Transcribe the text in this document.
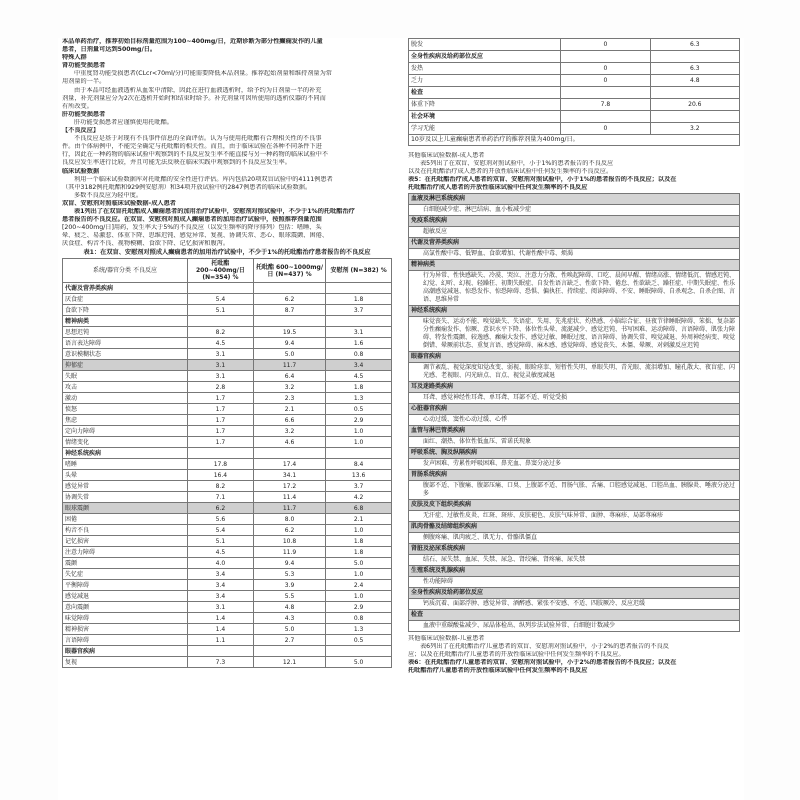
本品单药治疗，推荐初始目标剂量范围为100~400mg/日，近期诊断为部分性癫痫发作的儿童

患者，日剂量可达到500mg/日。

特殊人群

肾功能受损患者

中重度肾功能受损患者(CLcr<70ml/分)可能需要降低本品剂量。推荐起始剂量和维持剂量为常

用剂量的一半。

由于本品可经血液透析从血浆中清除，因此在进行血液透析时，给予约为日剂量一半的补充

剂量，补充剂量应分为2次在透析开始时和结束时给予。补充剂量可因所使用的透析仪器的不同而

有所改变。

肝功能受损患者

肝功能受损患者应谨慎使用托吡酯。

【不良反应】

不良反应是基于对现有不良事件信息的全面评估。认为与使用托吡酯有合理相关性的不良事

件。由个体病例中，不能完全确定与托吡酯的相关性。而且，由于临床试验在各种不同条件下进

行，因此在一种药物的临床试验中观察到的不良反应发生率不能直接与另一种药物的临床试验中不

良反应发生率进行比较，并且可能无法反映在临床实践中观察到的不良反应发生率。

临床试验数据

利用一个临床试验数据库对托吡酯的安全性进行评估。库内包括20项双盲试验中的4111例患者

（其中3182例托吡酯和929例安慰剂）和34项开放试验中的2847例患者的临床试验数据。

多数不良反应为轻中度。

双盲、安慰剂对照临床试验数据-成人患者

表1列出了在双盲托吡酯成人癫痫患者的加用治疗试验中，安慰剂对照试验中，不少于1%的托吡酯治疗

患者报告的不良反应。在双盲、安慰剂对照成人癫痫患者的加用治疗试验中，按照推荐剂量范围

[200~400mg/日]用药，发生率大于5%的不良反应（以发生频率的降序排列）包括：嗜睡、头

晕、疲乏、易激惹、体重下降、思维迟钝、感觉异常、复视、协调失常、恶心、眼球震颤、困倦、

厌食症、构音不良、视物模糊、食欲下降、记忆损害和腹泻。

表1：在双盲、安慰剂对照成人癫痫患者的加用治疗试验中，不少于1%的托吡酯治疗患者报告的不良反应
系统/器官分类 不良反应	托吡酯 200~400mg/日 (N=354) %	托吡酯 600~1000mg/日 (N=437) %	安慰剂 (N=382) %
代谢及营养类疾病			
厌食症	5.4	6.2	1.8
食欲下降	5.1	8.7	3.7
精神病类			
思想迟钝	8.2	19.5	3.1
语言表达障碍	4.5	9.4	1.6
意识模糊状态	3.1	5.0	0.8
抑郁症	3.1	11.7	3.4
失眠	3.1	6.4	4.5
攻击	2.8	3.2	1.8
激动	1.7	2.3	1.3
愤怒	1.7	2.1	0.5
焦虑	1.7	6.6	2.9
定向力障碍	1.7	3.2	1.0
情绪变化	1.7	4.6	1.0
神经系统疾病			
嗜睡	17.8	17.4	8.4
头晕	16.4	34.1	13.6
感觉异常	8.2	17.2	3.7
协调失常	7.1	11.4	4.2
眼球震颤	6.2	11.7	6.8
困倦	5.6	8.0	2.1
构音不良	5.4	6.2	1.0
记忆损害	5.1	10.8	1.8
注意力障碍	4.5	11.9	1.8
震颤	4.0	9.4	5.0
失忆症	3.4	5.3	1.0
平衡障碍	3.4	3.9	2.4
感觉减退	3.4	5.5	1.0
意向震颤	3.1	4.8	2.9
味觉障碍	1.4	4.3	0.8
精神损害	1.4	5.0	1.3
言语障碍	1.1	2.7	0.5
眼器官疾病			
复视	7.3	12.1	5.0
脱发	0	6.3
全身性疾病及给药部位反应		
发热	0	6.3
乏力	0	4.8
检查		
体重下降	7.8	20.6
社会环境		
学习无能	0	3.2

10岁及以上儿童癫痫患者单药治疗的推荐剂量为400mg/日。

其他临床试验数据-成人患者

表5列出了在双盲、安慰剂对照试验中，小于1%的患者报告的不良反应

以及在托吡酯治疗成人患者的开放性临床试验中任何发生频率的不良反应。

表5：在托吡酯治疗成人患者的双盲、安慰剂对照试验中，小于1%的患者报告的不良反应；以及在

托吡酯治疗成人患者的开放性临床试验中任何发生频率的不良反应

血液及淋巴系统疾病
白细胞减少症、淋巴结病、血小板减少症
免疫系统疾病
超敏反应
代谢及营养类疾病
高氯性酸中毒、低钾血、食欲增加、代谢性酸中毒、烦渴
精神病类
行为异常、性快感缺失、冷漠、哭泣、注意力分散、性唤起障碍、口吃、晨间早醒、情绪高涨、情绪低沉、情感迟钝、幻觉、幻听、幻视、轻躁狂、初期失眠症、自发性语言缺乏、性欲下降、倦怠、性欲缺乏、躁狂症、中期失眠症、性乐高潮感觉减退、惊恐发作、惊恐障碍、恐惧、偏执狂、持续症、阅读障碍、不安、睡眠障碍、自杀观念、自杀企图、言语、思维异常
神经系统疾病
味觉丧失、运动不能、嗅觉缺失、失语症、失用、先兆症状、灼热感、小脑综合征、昼夜节律睡眠障碍、笨拙、复杂部分性癫痫发作、惊厥、意识水平下降、体位性头晕、流涎减少、感觉迟钝、书写困难、运动障碍、言语障碍、肌张力障碍、特发性震颤、较逸感、癫痫大发作、感觉过敏、睡眠过度、语言障碍、协调失常、嗅觉减退、外周神经病变、嗅觉倒错、晕厥前状态、重复言语、感觉障碍、麻木感、感觉障碍、感觉丧失、木僵、晕厥、对刺激反应迟钝
眼器官疾病
调节紊乱、视觉深度知觉改变、弱视、眼睑痉挛、短暂性失明、单眼失明、青光眼、流泪增加、瞳孔散大、夜盲症、闪光感、老视眼、闪光暗点、盲点、视觉灵敏度减退
耳及迷路类疾病
耳聋、感觉神经性耳聋、单耳聋、耳部不适、听觉受损
心脏器官疾病
心动过缓、窦性心动过缓、心悸
血管与淋巴管类疾病
面红、潮热、体位性低血压、雷诺氏现象
呼吸系统、胸及纵隔疾病
发声困难、劳累性呼吸困难、鼻充血、鼻窦分泌过多
胃肠系统疾病
腹部不适、下腹痛、腹部压痛、口臭、上腹部不适、胃肠气胀、舌痛、口腔感觉减退、口腔出血、胰腺炎、唾液分泌过多
皮肤及皮下组织类疾病
无汗症、过敏性皮炎、红斑、斑疹、皮肤褪色、皮肤气味异常、面肿、荨麻疹、局部荨麻疹
肌肉骨骼及结缔组织疾病
侧腹疼痛、肌肉疲乏、肌无力、骨骼肌僵直
肾脏及泌尿系统疾病
结石、尿失禁、血尿、失禁、尿急、肾绞痛、肾疼痛、尿失禁
生殖系统及乳腺疾病
性功能障碍
全身性疾病及给药部位反应
钙质沉着、面部浮肿、感觉异常、酒醉感、紧张不安感、不适、四肢厥冷、反应迟缓
检查
血液中重碳酸盐减少、尿晶体检出、纵列步法试验异常、白细胞计数减少

其他临床试验数据-儿童患者

表6列出了在托吡酯治疗儿童患者的双盲、安慰剂对照试验中，小于2%的患者报告的不良反

应；以及在托吡酯治疗儿童患者的开放性临床试验中任何发生频率的不良反应。

表6：在托吡酯治疗儿童患者的双盲、安慰剂对照试验中，小于2%的患者报告的不良反应；以及在

托吡酯治疗儿童患者的开放性临床试验中任何发生频率的不良反应
